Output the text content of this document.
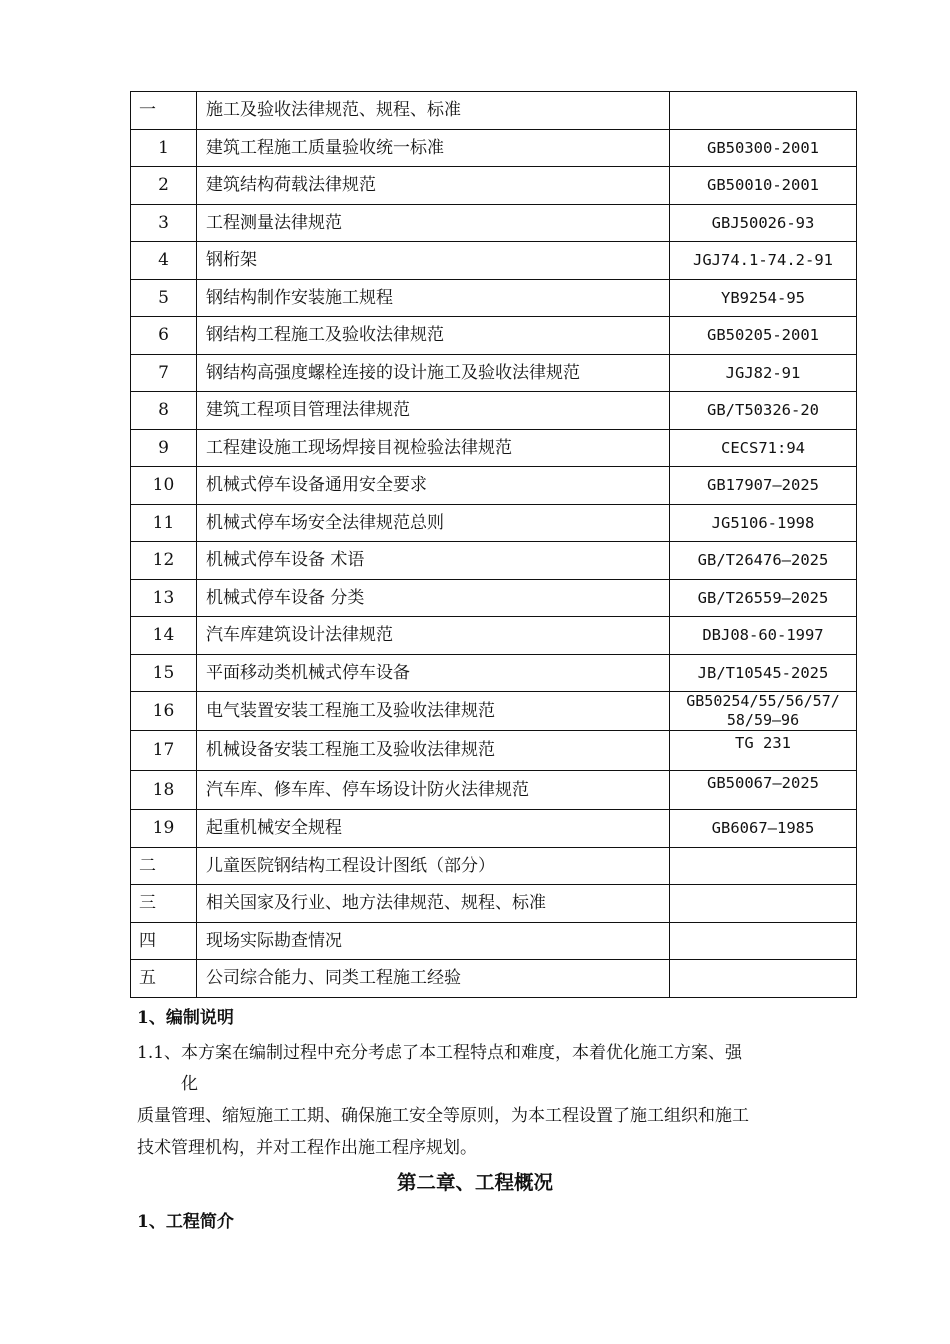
一	施工及验收法律规范、规程、标准	
1	建筑工程施工质量验收统一标准	GB50300-2001
2	建筑结构荷载法律规范	GB50010-2001
3	工程测量法律规范	GBJ50026-93
4	钢桁架	JGJ74.1-74.2-91
5	钢结构制作安装施工规程	YB9254-95
6	钢结构工程施工及验收法律规范	GB50205-2001
7	钢结构高强度螺栓连接的设计施工及验收法律规范	JGJ82-91
8	建筑工程项目管理法律规范	GB/T50326-20
9	工程建设施工现场焊接目视检验法律规范	CECS71:94
10	机械式停车设备通用安全要求	GB17907—2025
11	机械式停车场安全法律规范总则	JG5106-1998
12	机械式停车设备 术语	GB/T26476—2025
13	机械式停车设备 分类	GB/T26559—2025
14	汽车库建筑设计法律规范	DBJ08-60-1997
15	平面移动类机械式停车设备	JB/T10545-2025
16	电气装置安装工程施工及验收法律规范	GB50254/55/56/57/
58/59—96
17	机械设备安装工程施工及验收法律规范	TG 231
18	汽车库、修车库、停车场设计防火法律规范	GB50067—2025
19	起重机械安全规程	GB6067—1985
二	儿童医院钢结构工程设计图纸（部分）	
三	相关国家及行业、地方法律规范、规程、标准	
四	现场实际勘查情况	
五	公司综合能力、同类工程施工经验	

1、编制说明

1.1、本方案在编制过程中充分考虑了本工程特点和难度，本着优化施工方案、强

化

质量管理、缩短施工工期、确保施工安全等原则，为本工程设置了施工组织和施工

技术管理机构，并对工程作出施工程序规划。

第二章、工程概况

1、工程简介
